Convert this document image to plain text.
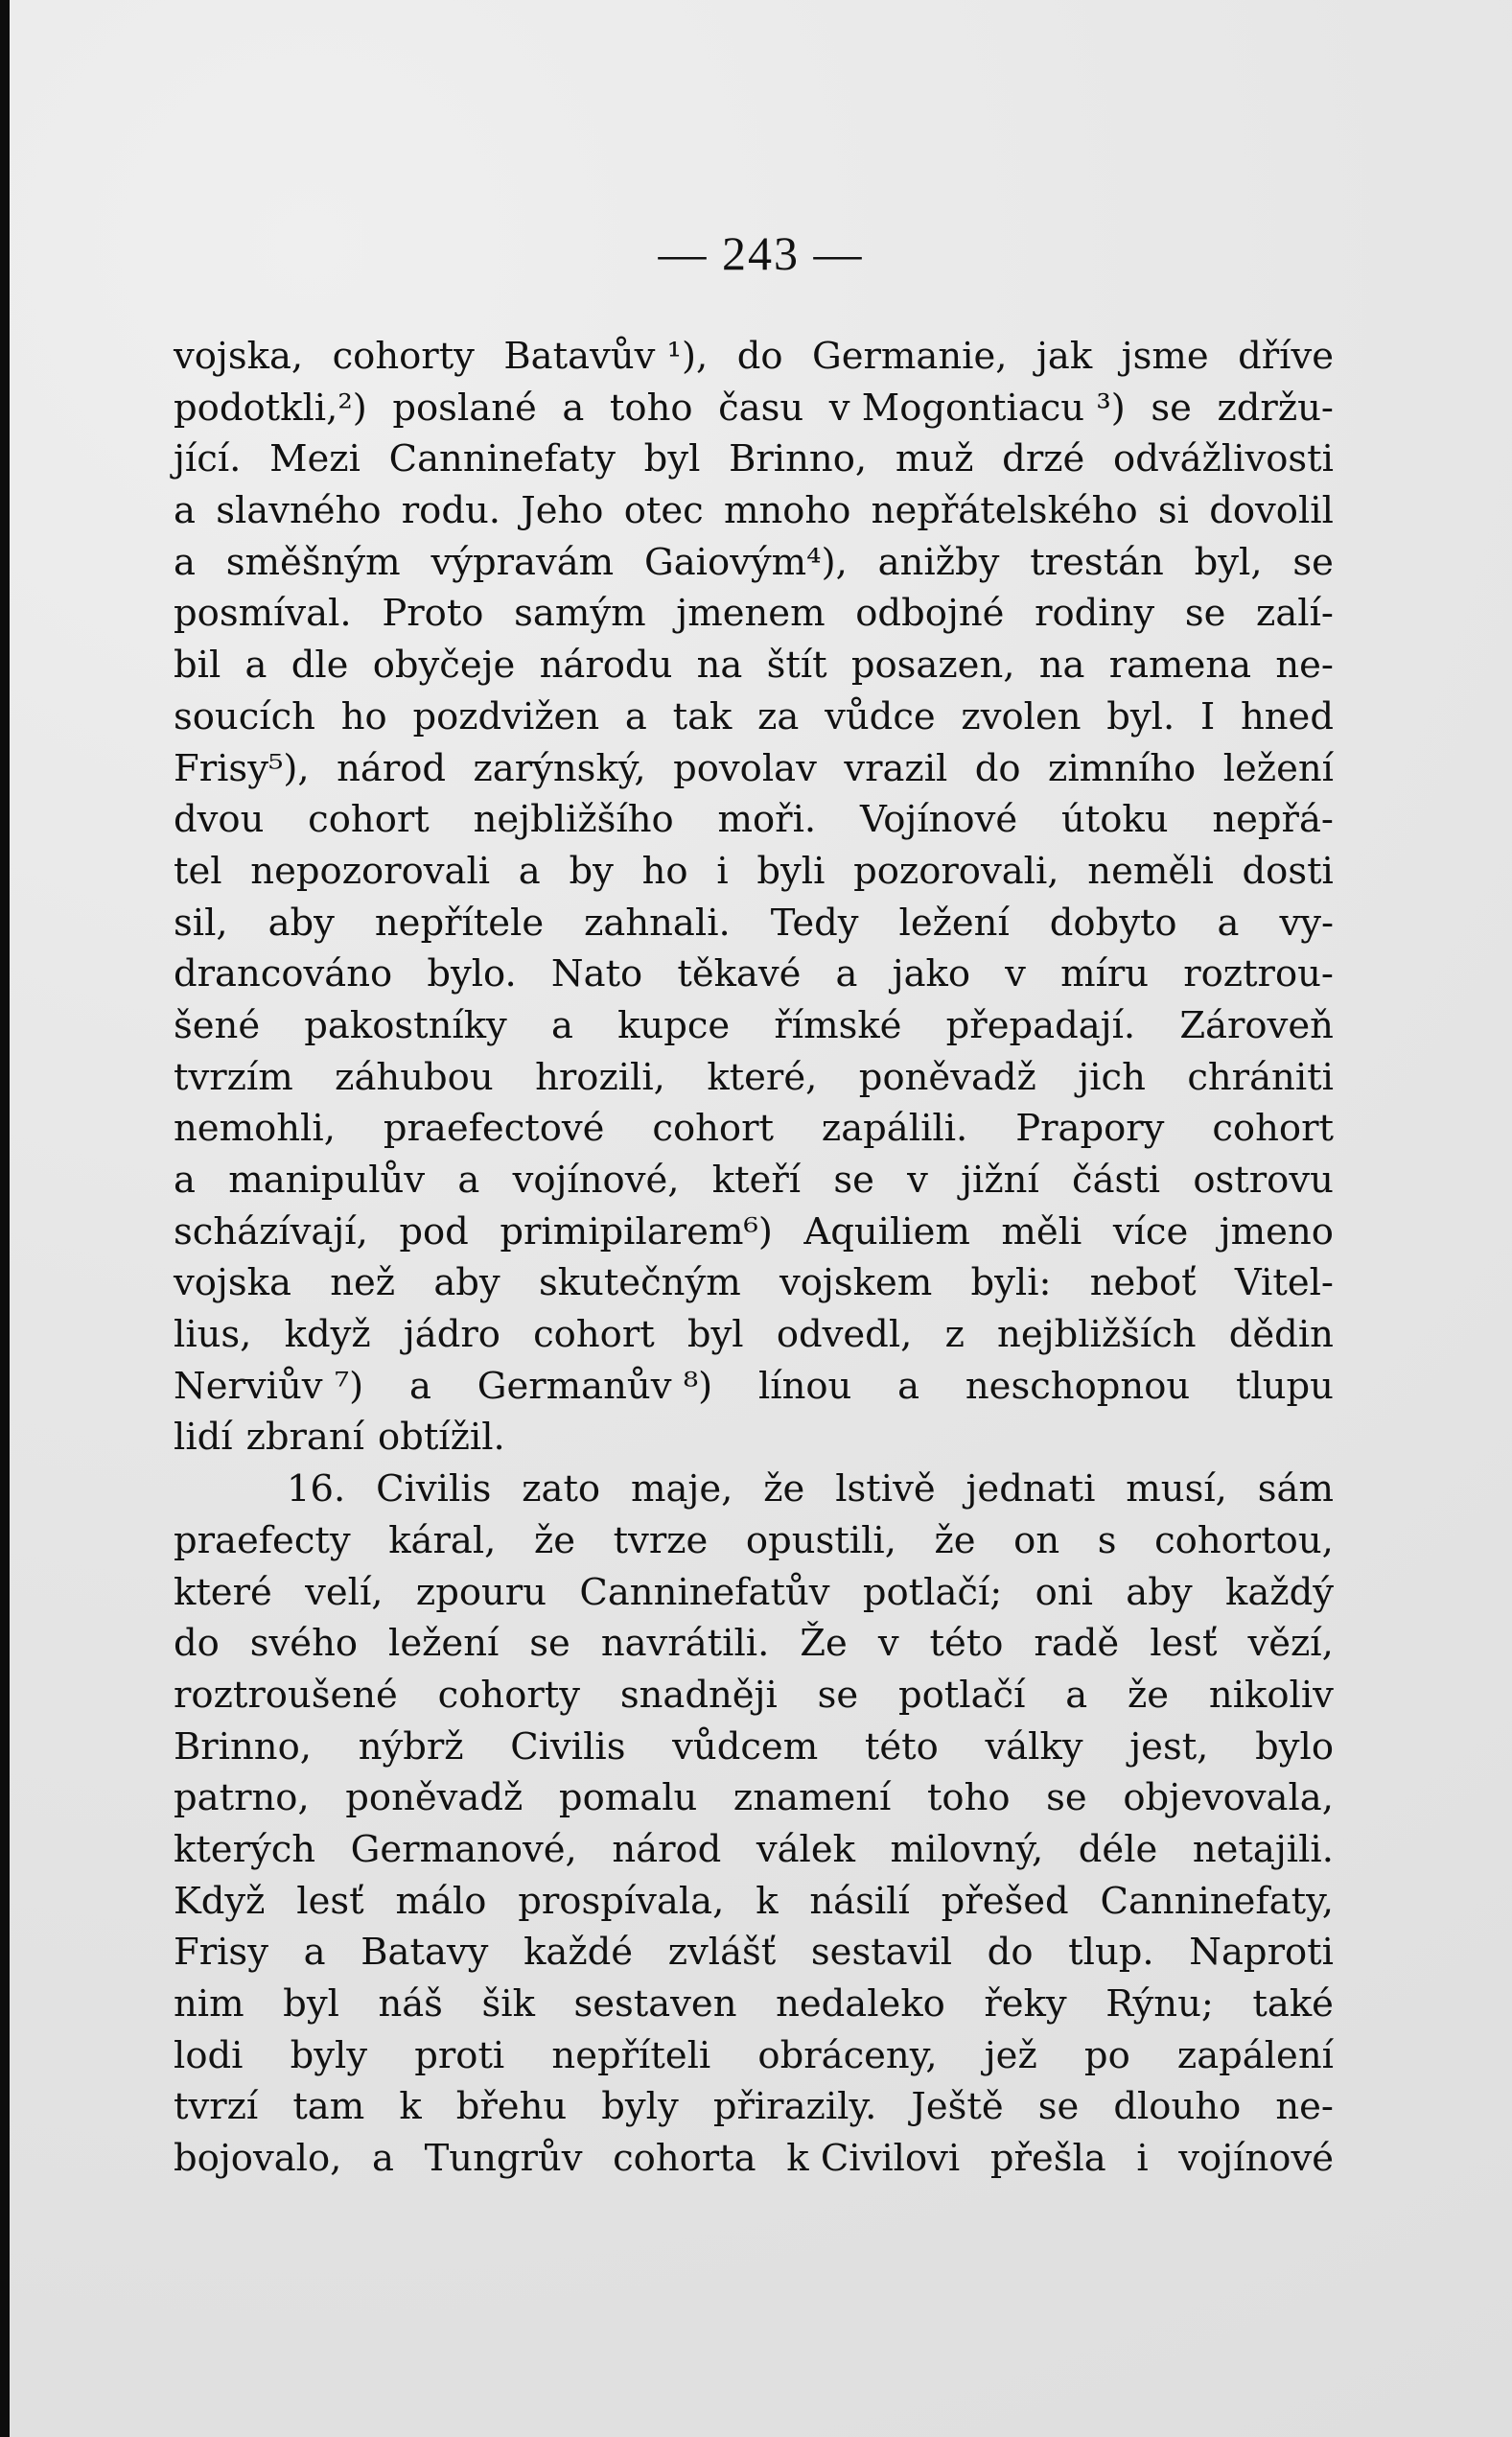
— 243 —
vojska, cohorty Batavův ¹), do Germanie, jak jsme dříve
podotkli,²) poslané a toho času v Mogontiacu ³) se zdržu-
jící. Mezi Canninefaty byl Brinno, muž drzé odvážlivosti
a slavného rodu. Jeho otec mnoho nepřátelského si dovolil
a směšným výpravám Gaiovým⁴), anižby trestán byl, se
posmíval. Proto samým jmenem odbojné rodiny se zalí-
bil a dle obyčeje národu na štít posazen, na ramena ne-
soucích ho pozdvižen a tak za vůdce zvolen byl. I hned
Frisy⁵), národ zarýnský, povolav vrazil do zimního ležení
dvou cohort nejbližšího moři. Vojínové útoku nepřá-
tel nepozorovali a by ho i byli pozorovali, neměli dosti
sil, aby nepřítele zahnali. Tedy ležení dobyto a vy-
drancováno bylo. Nato těkavé a jako v míru roztrou-
šené pakostníky a kupce římské přepadají. Zároveň
tvrzím záhubou hrozili, které, poněvadž jich chrániti
nemohli, praefectové cohort zapálili. Prapory cohort
a manipulův a vojínové, kteří se v jižní části ostrovu
scházívají, pod primipilarem⁶) Aquiliem měli více jmeno
vojska než aby skutečným vojskem byli: neboť Vitel-
lius, když jádro cohort byl odvedl, z nejbližších dědin
Nerviův ⁷) a Germanův ⁸) línou a neschopnou tlupu
lidí zbraní obtížil.
16. Civilis zato maje, že lstivě jednati musí, sám
praefecty káral, že tvrze opustili, že on s cohortou,
které velí, zpouru Canninefatův potlačí; oni aby každý
do svého ležení se navrátili. Že v této radě lesť vězí,
roztroušené cohorty snadněji se potlačí a že nikoliv
Brinno, nýbrž Civilis vůdcem této války jest, bylo
patrno, poněvadž pomalu znamení toho se objevovala,
kterých Germanové, národ válek milovný, déle netajili.
Když lesť málo prospívala, k násilí přešed Canninefaty,
Frisy a Batavy každé zvlášť sestavil do tlup. Naproti
nim byl náš šik sestaven nedaleko řeky Rýnu; také
lodi byly proti nepříteli obráceny, jež po zapálení
tvrzí tam k břehu byly přirazily. Ještě se dlouho ne-
bojovalo, a Tungrův cohorta k Civilovi přešla i vojínové
